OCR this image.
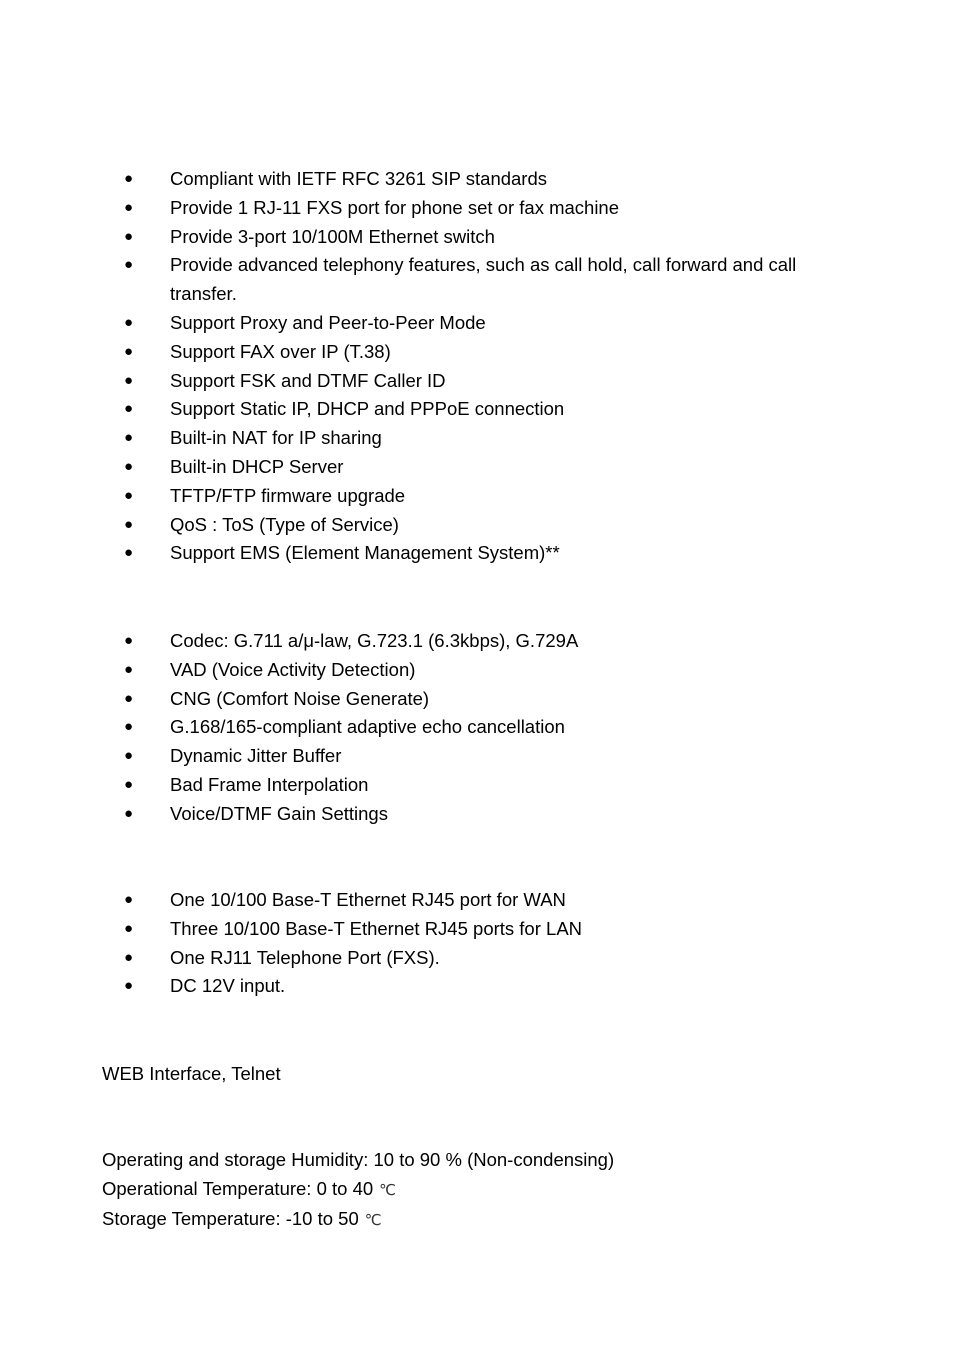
●	Compliant with IETF RFC 3261 SIP standards
●	Provide 1 RJ-11 FXS port for phone set or fax machine
●	Provide 3-port 10/100M Ethernet switch
●	Provide advanced telephony features, such as call hold, call forward and call transfer.
●	Support Proxy and Peer-to-Peer Mode
●	Support FAX over IP (T.38)
●	Support FSK and DTMF Caller ID
●	Support Static IP, DHCP and PPPoE connection
●	Built-in NAT for IP sharing
●	Built-in DHCP Server
●	TFTP/FTP firmware upgrade
●	QoS : ToS (Type of Service)
●	Support EMS (Element Management System)**
●	Codec: G.711 a/μ-law, G.723.1 (6.3kbps), G.729A
●	VAD (Voice Activity Detection)
●	CNG (Comfort Noise Generate)
●	G.168/165-compliant adaptive echo cancellation
●	Dynamic Jitter Buffer
●	Bad Frame Interpolation
●	Voice/DTMF Gain Settings
●	One 10/100 Base-T Ethernet RJ45 port for WAN
●	Three 10/100 Base-T Ethernet RJ45 ports for LAN
●	One RJ11 Telephone Port (FXS).
●	DC 12V input.

WEB Interface, Telnet

Operating and storage Humidity: 10 to 90 % (Non-condensing)

Operational Temperature: 0 to 40 ℃

Storage Temperature: -10 to 50 ℃
